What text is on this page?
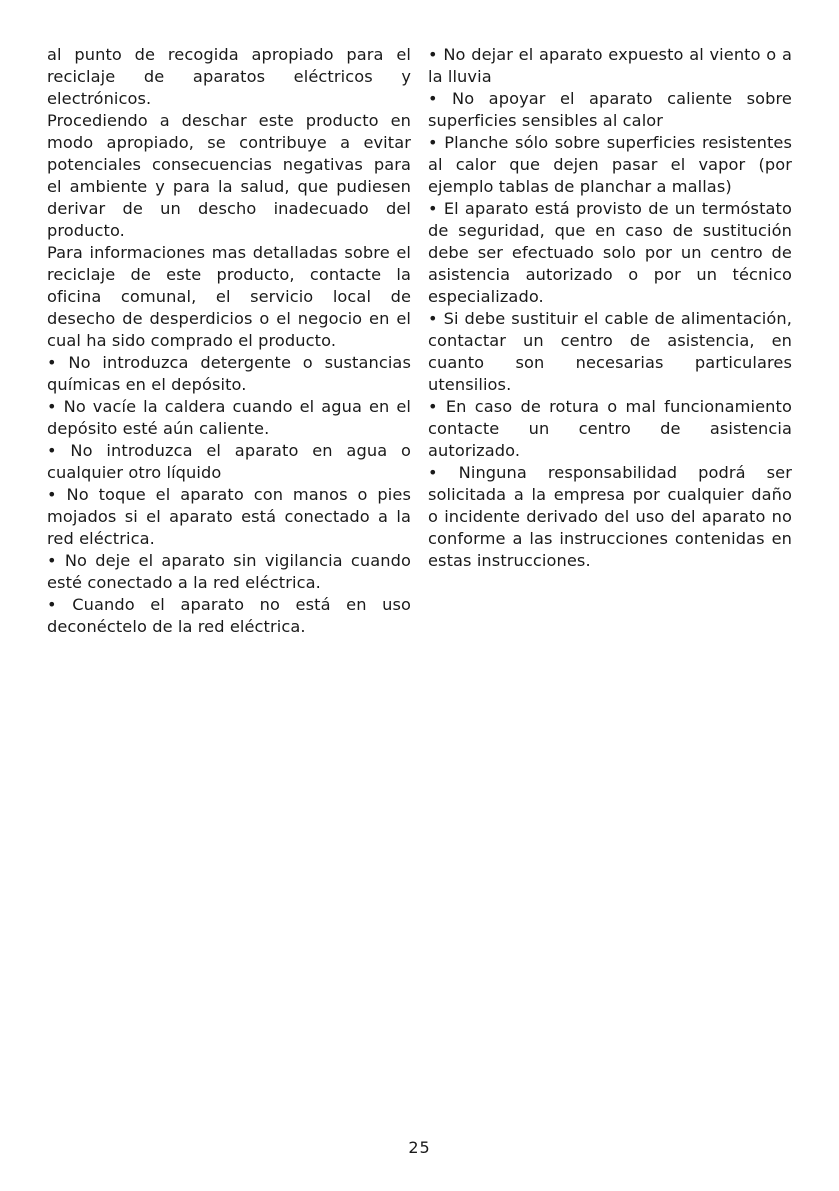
al punto de recogida apropiado para el reciclaje de aparatos eléctricos y electrónicos.

Procediendo a deschar este producto en modo apropiado, se contribuye a evitar potenciales consecuencias negativas para el ambiente y para la salud, que pudiesen derivar de un descho inadecuado del producto.

Para informaciones mas detalladas sobre el reciclaje de este producto, contacte la oficina comunal, el servicio local de desecho de desperdicios o el negocio en el cual ha sido comprado el producto.

• No introduzca detergente o sustancias químicas en el depósito.

• No vacíe la caldera cuando el agua en el depósito esté aún caliente.

• No introduzca el aparato en agua o cualquier otro líquido

• No toque el aparato con manos o pies mojados si el aparato está conectado a la red eléctrica.

• No deje el aparato sin vigilancia cuando esté conectado a la red eléctrica.

• Cuando el aparato no está en uso deconéctelo de la red eléctrica.

• No dejar el aparato expuesto al viento o a la lluvia

• No apoyar el aparato caliente sobre superficies sensibles al calor

• Planche sólo sobre superficies resistentes al calor que dejen pasar el vapor (por ejemplo tablas de planchar a mallas)

• El aparato está provisto de un termóstato de seguridad, que en caso de sustitución debe ser efectuado solo por un centro de asistencia autorizado o por un técnico especializado.

• Si debe sustituir el cable de alimentación, contactar un centro de asistencia, en cuanto son necesarias particulares utensilios.

• En caso de rotura o mal funcionamiento contacte un centro de asistencia autorizado.

• Ninguna responsabilidad podrá ser solicitada a la empresa por cualquier daño o incidente derivado del uso del aparato no conforme a las instrucciones contenidas en estas instrucciones.

25
